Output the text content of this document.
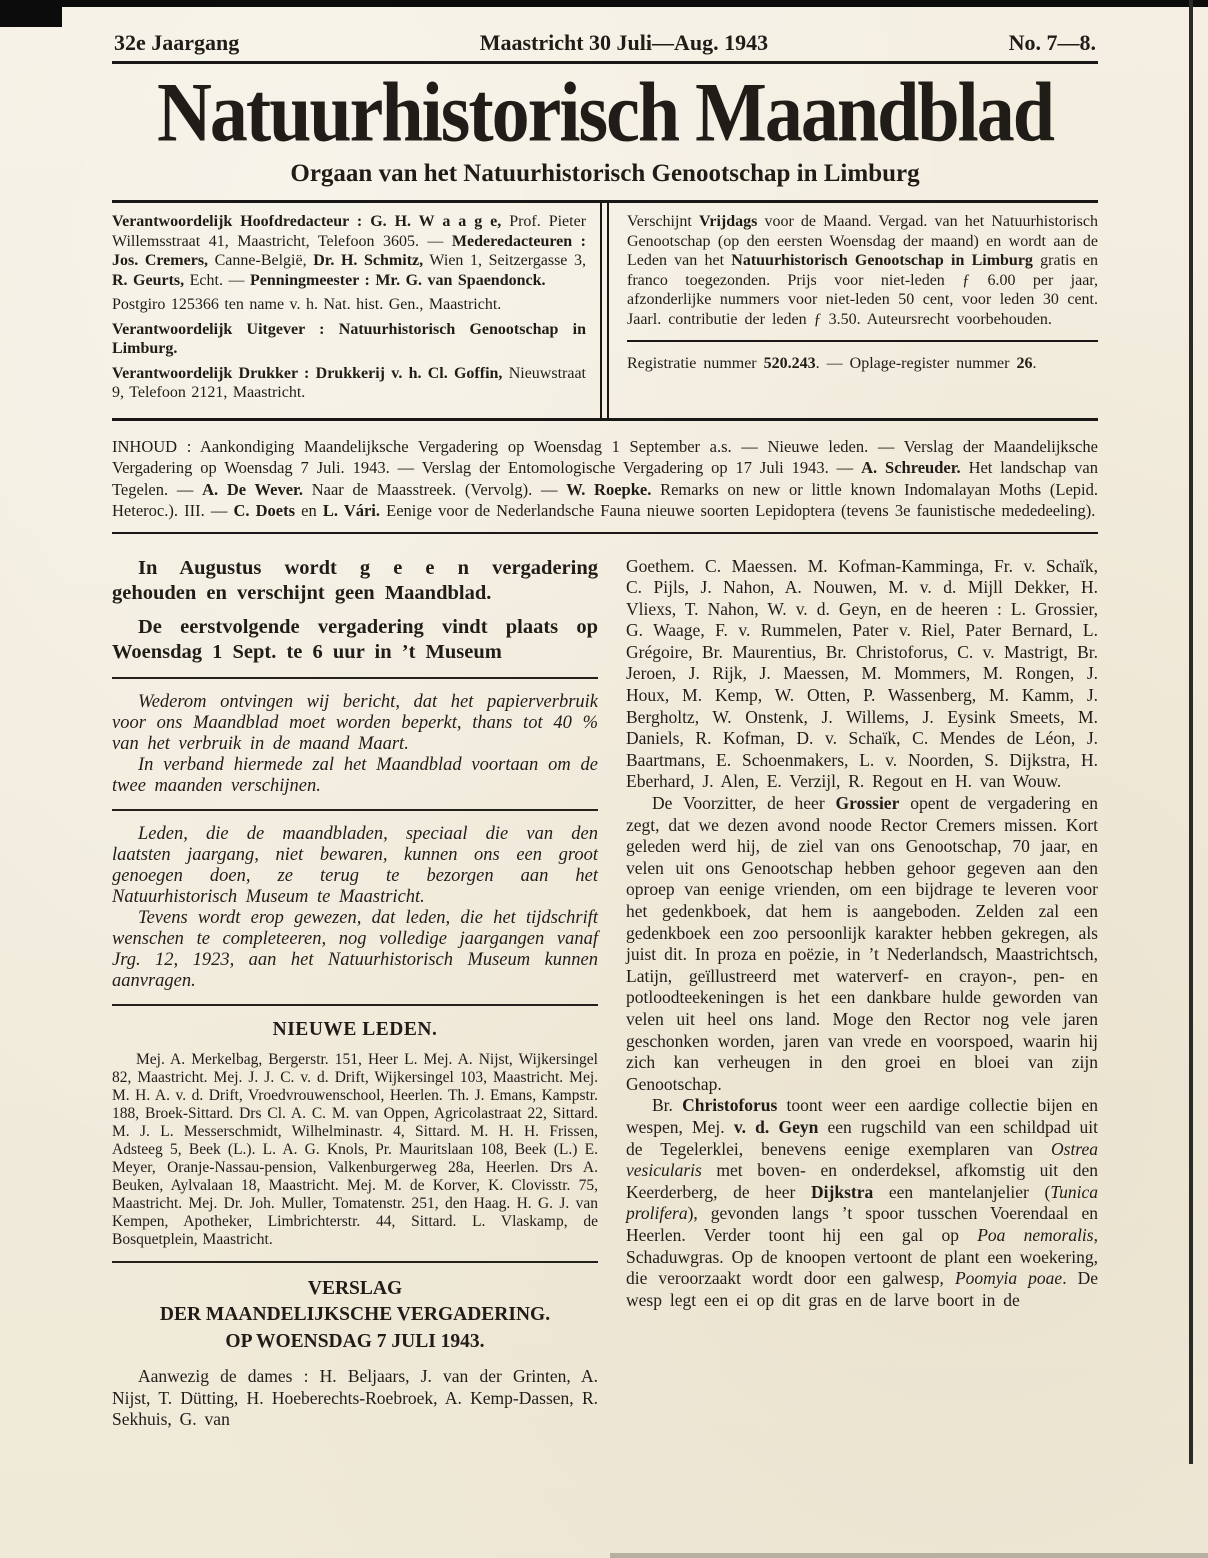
32e Jaargang	Maastricht 30 Juli—Aug. 1943	No. 7—8.
Natuurhistorisch Maandblad
Orgaan van het Natuurhistorisch Genootschap in Limburg

Verantwoordelijk Hoofdredacteur : G. H. W a a g e, Prof. Pieter Willemsstraat 41, Maastricht, Telefoon 3605. — Mederedacteuren : Jos. Cremers, Canne-België, Dr. H. Schmitz, Wien 1, Seitzergasse 3, R. Geurts, Echt. — Penningmeester : Mr. G. van Spaendonck.

Postgiro 125366 ten name v. h. Nat. hist. Gen., Maastricht.

Verantwoordelijk Uitgever : Natuurhistorisch Genootschap in Limburg.

Verantwoordelijk Drukker : Drukkerij v. h. Cl. Goffin, Nieuwstraat 9, Telefoon 2121, Maastricht.

Verschijnt Vrijdags voor de Maand. Vergad. van het Natuurhistorisch Genootschap (op den eersten Woensdag der maand) en wordt aan de Leden van het Natuurhistorisch Genootschap in Limburg gratis en franco toegezonden. Prijs voor niet-leden ƒ 6.00 per jaar, afzonderlijke nummers voor niet-leden 50 cent, voor leden 30 cent. Jaarl. contributie der leden ƒ 3.50. Auteursrecht voorbehouden.

Registratie nummer 520.243. — Oplage-register nummer 26.

INHOUD : Aankondiging Maandelijksche Vergadering op Woensdag 1 September a.s. — Nieuwe leden. — Verslag der Maandelijksche Vergadering op Woensdag 7 Juli. 1943. — Verslag der Entomologische Vergadering op 17 Juli 1943. — A. Schreuder. Het landschap van Tegelen. — A. De Wever. Naar de Maasstreek. (Vervolg). — W. Roepke. Remarks on new or little known Indomalayan Moths (Lepid. Heteroc.). III. — C. Doets en L. Vári. Eenige voor de Nederlandsche Fauna nieuwe soorten Lepidoptera (tevens 3e faunistische mededeeling).

In Augustus wordt g e e n vergadering gehouden en verschijnt geen Maandblad.

De eerstvolgende vergadering vindt plaats op Woensdag 1 Sept. te 6 uur in ’t Museum

Wederom ontvingen wij bericht, dat het papierverbruik voor ons Maandblad moet worden beperkt, thans tot 40 % van het verbruik in de maand Maart.

In verband hiermede zal het Maandblad voortaan om de twee maanden verschijnen.

Leden, die de maandbladen, speciaal die van den laatsten jaargang, niet bewaren, kunnen ons een groot genoegen doen, ze terug te bezorgen aan het Natuurhistorisch Museum te Maastricht.

Tevens wordt erop gewezen, dat leden, die het tijdschrift wenschen te completeeren, nog volledige jaargangen vanaf Jrg. 12, 1923, aan het Natuurhistorisch Museum kunnen aanvragen.

NIEUWE LEDEN.

Mej. A. Merkelbag, Bergerstr. 151, Heer L. Mej. A. Nijst, Wijkersingel 82, Maastricht. Mej. J. J. C. v. d. Drift, Wijkersingel 103, Maastricht. Mej. M. H. A. v. d. Drift, Vroedvrouwenschool, Heerlen. Th. J. Emans, Kampstr. 188, Broek-Sittard. Drs Cl. A. C. M. van Oppen, Agricolastraat 22, Sittard. M. J. L. Messerschmidt, Wilhelminastr. 4, Sittard. M. H. H. Frissen, Adsteeg 5, Beek (L.). L. A. G. Knols, Pr. Mauritslaan 108, Beek (L.) E. Meyer, Oranje-Nassau-pension, Valkenburgerweg 28a, Heerlen. Drs A. Beuken, Aylvalaan 18, Maastricht. Mej. M. de Korver, K. Clovisstr. 75, Maastricht. Mej. Dr. Joh. Muller, Tomatenstr. 251, den Haag. H. G. J. van Kempen, Apotheker, Limbrichterstr. 44, Sittard. L. Vlaskamp, de Bosquetplein, Maastricht.

VERSLAG
DER MAANDELIJKSCHE VERGADERING.
OP WOENSDAG 7 JULI 1943.

Aanwezig de dames : H. Beljaars, J. van der Grinten, A. Nijst, T. Dütting, H. Hoeberechts-Roebroek, A. Kemp-Dassen, R. Sekhuis, G. van

Goethem. C. Maessen. M. Kofman-Kamminga, Fr. v. Schaïk, C. Pijls, J. Nahon, A. Nouwen, M. v. d. Mijll Dekker, H. Vliexs, T. Nahon, W. v. d. Geyn, en de heeren : L. Grossier, G. Waage, F. v. Rummelen, Pater v. Riel, Pater Bernard, L. Grégoire, Br. Maurentius, Br. Christoforus, C. v. Mastrigt, Br. Jeroen, J. Rijk, J. Maessen, M. Mommers, M. Rongen, J. Houx, M. Kemp, W. Otten, P. Wassenberg, M. Kamm, J. Bergholtz, W. Onstenk, J. Willems, J. Eysink Smeets, M. Daniels, R. Kofman, D. v. Schaïk, C. Mendes de Léon, J. Baartmans, E. Schoenmakers, L. v. Noorden, S. Dijkstra, H. Eberhard, J. Alen, E. Verzijl, R. Regout en H. van Wouw.

De Voorzitter, de heer Grossier opent de vergadering en zegt, dat we dezen avond noode Rector Cremers missen. Kort geleden werd hij, de ziel van ons Genootschap, 70 jaar, en velen uit ons Genootschap hebben gehoor gegeven aan den oproep van eenige vrienden, om een bijdrage te leveren voor het gedenkboek, dat hem is aangeboden. Zelden zal een gedenkboek een zoo persoonlijk karakter hebben gekregen, als juist dit. In proza en poëzie, in ’t Nederlandsch, Maastrichtsch, Latijn, geïllustreerd met waterverf- en crayon-, pen- en potloodteekeningen is het een dankbare hulde geworden van velen uit heel ons land. Moge den Rector nog vele jaren geschonken worden, jaren van vrede en voorspoed, waarin hij zich kan verheugen in den groei en bloei van zijn Genootschap.

Br. Christoforus toont weer een aardige collectie bijen en wespen, Mej. v. d. Geyn een rugschild van een schildpad uit de Tegelerklei, benevens eenige exemplaren van Ostrea vesicularis met boven- en onderdeksel, afkomstig uit den Keerderberg, de heer Dijkstra een mantelanjelier (Tunica prolifera), gevonden langs ’t spoor tusschen Voerendaal en Heerlen. Verder toont hij een gal op Poa nemoralis, Schaduwgras. Op de knoopen vertoont de plant een woekering, die veroorzaakt wordt door een galwesp, Poomyia poae. De wesp legt een ei op dit gras en de larve boort in de
